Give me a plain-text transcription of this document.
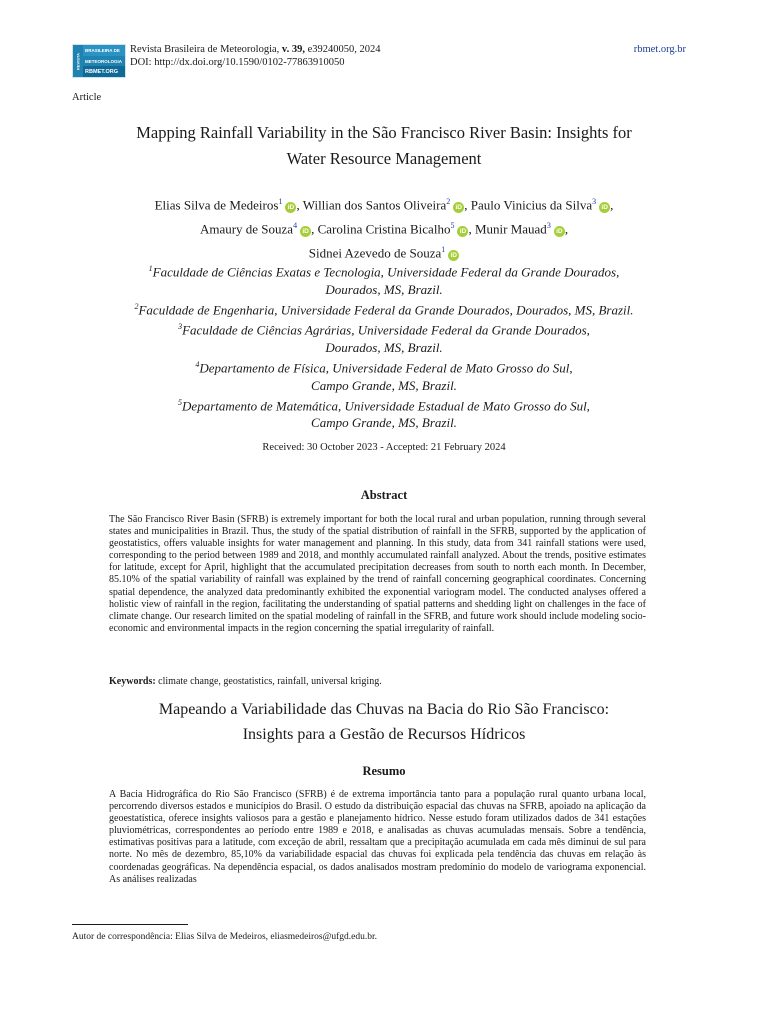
REVISTA
BRASILEIRA DE
METEOROLOGIA
RBMET.ORG
Revista Brasileira de Meteorologia, v. 39, e39240050, 2024
DOI: http://dx.doi.org/10.1590/0102-77863910050
rbmet.org.br
Article
Mapping Rainfall Variability in the São Francisco River Basin: Insights for
Water Resource Management
Elias Silva de Medeiros$^1$iD , Willian dos Santos Oliveira$^2$iD , Paulo Vinicius da Silva$^3$iD ,
Amaury de Souza$^4$iD , Carolina Cristina Bicalho$^5$iD , Munir Mauad$^3$iD ,
Sidnei Azevedo de Souza$^1$iD
$^1$Faculdade de Ciências Exatas e Tecnologia, Universidade Federal da Grande Dourados,
Dourados, MS, Brazil.
$^2$Faculdade de Engenharia, Universidade Federal da Grande Dourados, Dourados, MS, Brazil.
$^3$Faculdade de Ciências Agrárias, Universidade Federal da Grande Dourados,
Dourados, MS, Brazil.
$^4$Departamento de Física, Universidade Federal de Mato Grosso do Sul,
Campo Grande, MS, Brazil.
$^5$Departamento de Matemática, Universidade Estadual de Mato Grosso do Sul,
Campo Grande, MS, Brazil.
Received: 30 October 2023 - Accepted: 21 February 2024
Abstract
The São Francisco River Basin (SFRB) is extremely important for both the local rural and urban population, running through several states and municipalities in Brazil. Thus, the study of the spatial distribution of rainfall in the SFRB, supported by the application of geostatistics, offers valuable insights for water management and planning. In this study, data from 341 rainfall stations were used, corresponding to the period between 1989 and 2018, and monthly accumulated rainfall analyzed. About the trends, positive estimates for latitude, except for April, highlight that the accumulated precipitation decreases from south to north each month. In December, 85.10% of the spatial variability of rainfall was explained by the trend of rainfall concerning geographical coordinates. Concerning spatial dependence, the analyzed data predominantly exhibited the exponential variogram model. The conducted analyses offered a holistic view of rainfall in the region, facilitating the understanding of spatial patterns and shedding light on challenges in the face of climate change. Our research limited on the spatial modeling of rainfall in the SFRB, and future work should include modeling socio-economic and environmental impacts in the region concerning the spatial irregularity of rainfall.
Keywords: climate change, geostatistics, rainfall, universal kriging.
Mapeando a Variabilidade das Chuvas na Bacia do Rio São Francisco:
Insights para a Gestão de Recursos Hídricos
Resumo
A Bacia Hidrográfica do Rio São Francisco (SFRB) é de extrema importância tanto para a população rural quanto urbana local, percorrendo diversos estados e municípios do Brasil. O estudo da distribuição espacial das chuvas na SFRB, apoiado na aplicação da geoestatística, oferece insights valiosos para a gestão e planejamento hídrico. Nesse estudo foram utilizados dados de 341 estações pluviométricas, correspondentes ao período entre 1989 e 2018, e analisadas as chuvas acumuladas mensais. Sobre a tendência, estimativas positivas para a latitude, com exceção de abril, ressaltam que a precipitação acumulada em cada mês diminui de sul para norte. No mês de dezembro, 85,10% da variabilidade espacial das chuvas foi explicada pela tendência das chuvas em relação às coordenadas geográficas. Na dependência espacial, os dados analisados mostram predomínio do modelo de variograma exponencial. As análises realizadas
Autor de correspondência: Elias Silva de Medeiros, eliasmedeiros@ufgd.edu.br.
